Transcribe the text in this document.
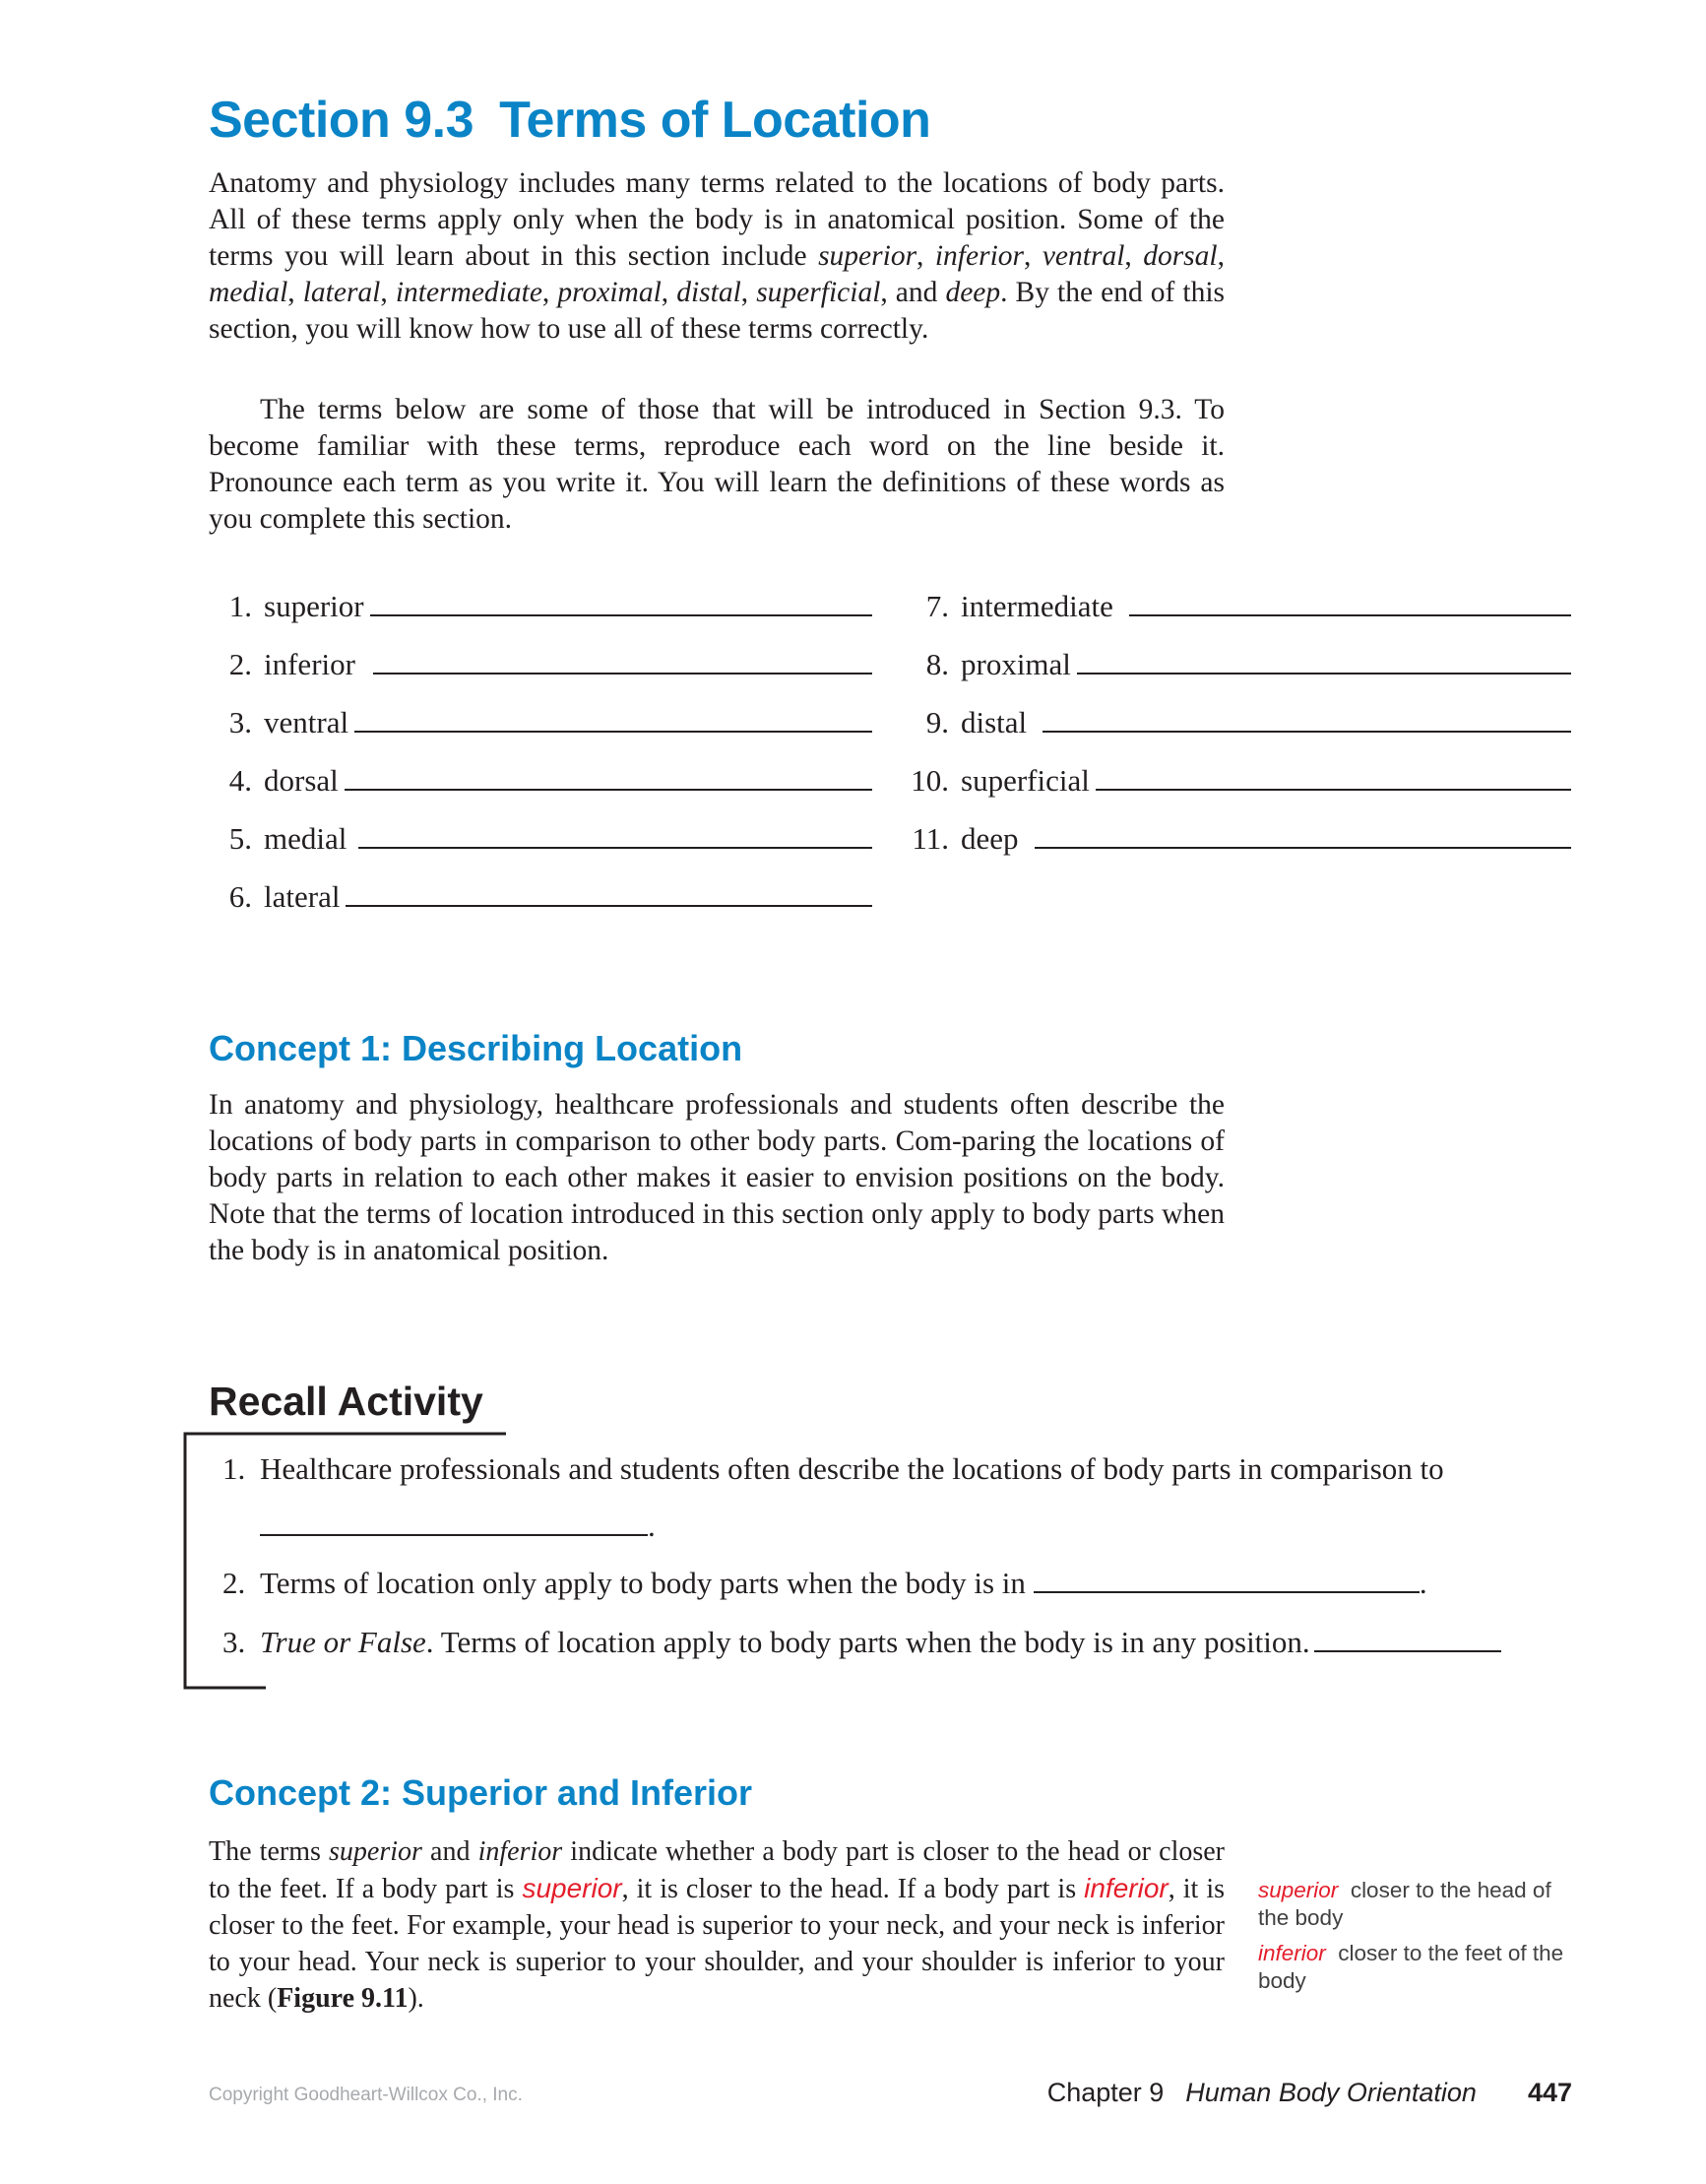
Section 9.3 Terms of Location

Anatomy and physiology includes many terms related to the locations of body parts. All of these terms apply only when the body is in anatomical position. Some of the terms you will learn about in this section include superior, inferior, ventral, dorsal, medial, lateral, intermediate, proximal, distal, superficial, and deep. By the end of this section, you will know how to use all of these terms correctly.

The terms below are some of those that will be introduced in Section 9.3. To become familiar with these terms, reproduce each word on the line beside it. Pronounce each term as you write it. You will learn the definitions of these words as you complete this section.

1. superior
2. inferior
3. ventral
4. dorsal
5. medial
6. lateral
7. intermediate
8. proximal
9. distal
10. superficial
11. deep
Concept 1: Describing Location

In anatomy and physiology, healthcare professionals and students often describe the locations of body parts in comparison to other body parts. Com-paring the locations of body parts in relation to each other makes it easier to envision positions on the body. Note that the terms of location introduced in this section only apply to body parts when the body is in anatomical position.

Recall Activity
1. Healthcare professionals and students often describe the locations of body parts in comparison to
.
2. Terms of location only apply to body parts when the body is in	.
3. True or False . Terms of location apply to body parts when the body is in any position.
Concept 2: Superior and Inferior

The terms superior and inferior indicate whether a body part is closer to the head or closer to the feet. If a body part is superior, it is closer to the head. If a body part is inferior, it is closer to the feet. For example, your head is superior to your neck, and your neck is inferior to your head. Your neck is superior to your shoulder, and your shoulder is inferior to your neck (Figure 9.11).

superior closer to the head of the body
inferior closer to the feet of the body
Copyright Goodheart-Willcox Co., Inc.	Chapter 9 Human Body Orientation 447
